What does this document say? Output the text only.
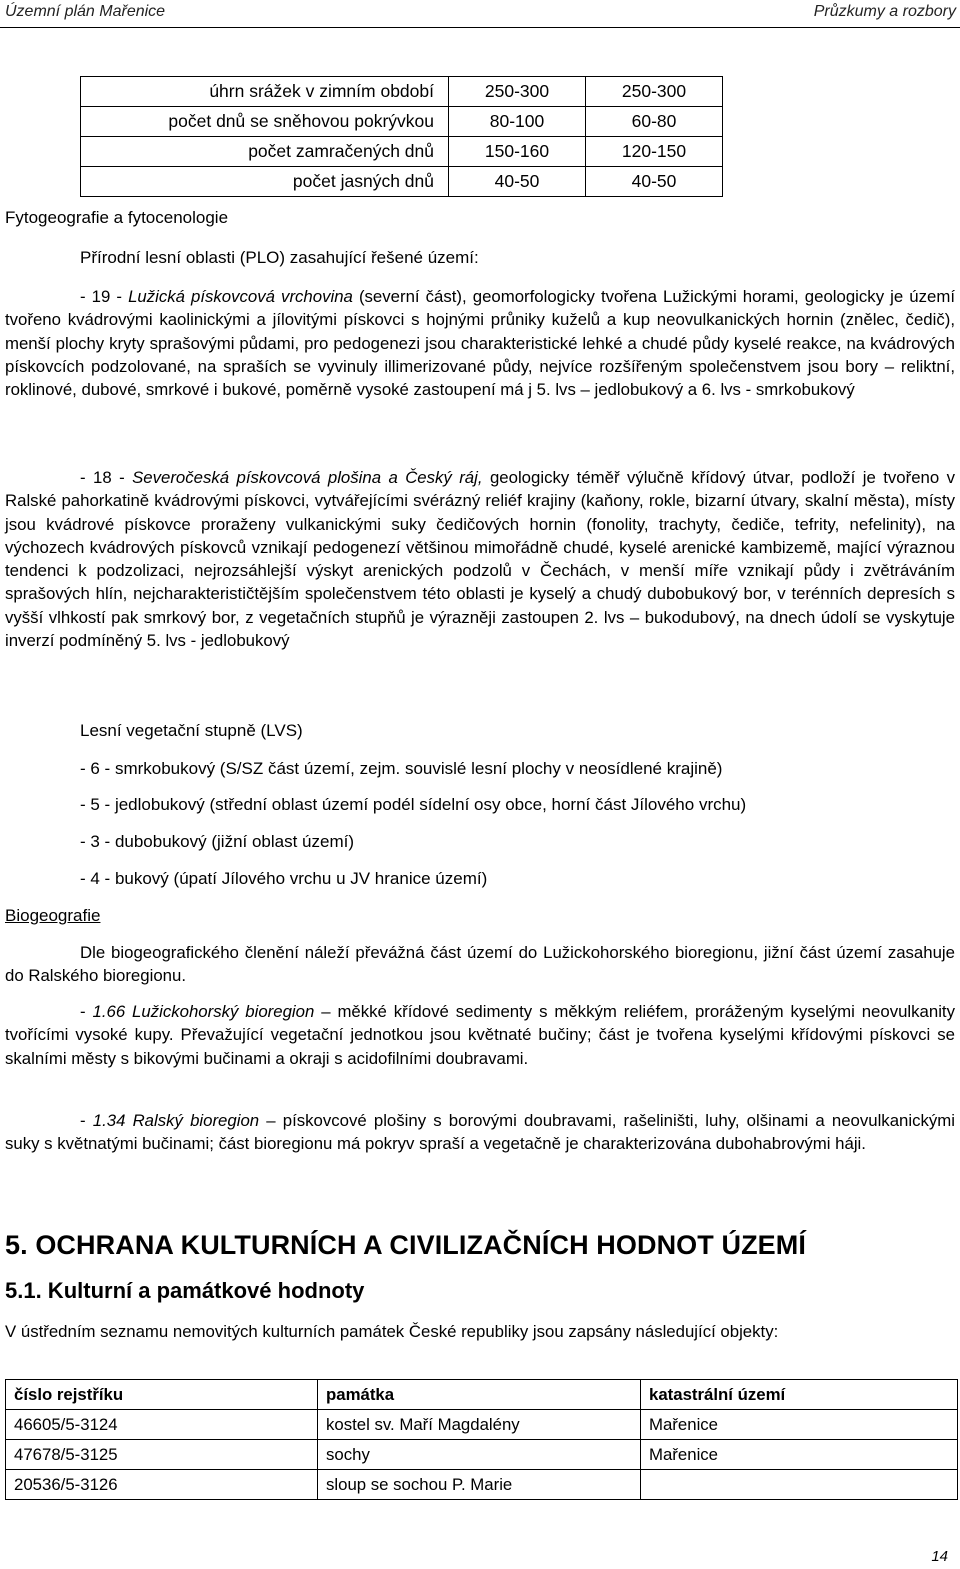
Územní plán Mařenice	Průzkumy a rozbory
úhrn srážek v zimním období	250-300	250-300
počet dnů se sněhovou pokrývkou	80-100	60-80
počet zamračených dnů	150-160	120-150
počet jasných dnů	40-50	40-50
Fytogeografie a fytocenologie
Přírodní lesní oblasti (PLO) zasahující řešené území:
- 19 - Lužická pískovcová vrchovina (severní část), geomorfologicky tvořena Lužickými horami, geologicky je území tvořeno kvádrovými kaolinickými a jílovitými pískovci s hojnými průniky kuželů a kup neovulkanických hornin (znělec, čedič), menší plochy kryty sprašovými půdami, pro pedogenezi jsou charakteristické lehké a chudé půdy kyselé reakce, na kvádrových pískovcích podzolované, na spraších se vyvinuly illimerizované půdy, nejvíce rozšířeným společenstvem jsou bory – reliktní, roklinové, dubové, smrkové i bukové, poměrně vysoké zastoupení má j 5. lvs – jedlobukový a 6. lvs - smrkobukový
- 18 - Severočeská pískovcová plošina a Český ráj, geologicky téměř výlučně křídový útvar, podloží je tvořeno v Ralské pahorkatině kvádrovými pískovci, vytvářejícími svérázný reliéf krajiny (kaňony, rokle, bizarní útvary, skalní města), místy jsou kvádrové pískovce proraženy vulkanickými suky čedičových hornin (fonolity, trachyty, čediče, tefrity, nefelinity), na výchozech kvádrových pískovců vznikají pedogenezí většinou mimořádně chudé, kyselé arenické kambizemě, mající výraznou tendenci k podzolizaci, nejrozsáhlejší výskyt arenických podzolů v Čechách, v menší míře vznikají půdy i zvětráváním sprašových hlín, nejcharakterističtějším společenstvem této oblasti je kyselý a chudý dubobukový bor, v terénních depresích s vyšší vlhkostí pak smrkový bor, z vegetačních stupňů je výrazněji zastoupen 2. lvs – bukodubový, na dnech údolí se vyskytuje inverzí podmíněný 5. lvs - jedlobukový
Lesní vegetační stupně (LVS)
- 6 - smrkobukový (S/SZ část území, zejm. souvislé lesní plochy v neosídlené krajině)
- 5 - jedlobukový (střední oblast území podél sídelní osy obce, horní část Jílového vrchu)
- 3 - dubobukový (jižní oblast území)
- 4 - bukový (úpatí Jílového vrchu u JV hranice území)
Biogeografie
Dle biogeografického členění náleží převážná část území do Lužickohorského bioregionu, jižní část území zasahuje do Ralského bioregionu.
- 1.66 Lužickohorský bioregion – měkké křídové sedimenty s měkkým reliéfem, proráženým kyselými neovulkanity tvořícími vysoké kupy. Převažující vegetační jednotkou jsou květnaté bučiny; část je tvořena kyselými křídovými pískovci se skalními městy s bikovými bučinami a okraji s acidofilními doubravami.
- 1.34 Ralský bioregion – pískovcové plošiny s borovými doubravami, rašeliništi, luhy, olšinami a neovulkanickými suky s květnatými bučinami; část bioregionu má pokryv spraší a vegetačně je charakterizována dubohabrovými háji.
5. OCHRANA KULTURNÍCH A CIVILIZAČNÍCH HODNOT ÚZEMÍ
5.1. Kulturní a památkové hodnoty
V ústředním seznamu nemovitých kulturních památek České republiky jsou zapsány následující objekty:
číslo rejstříku	památka	katastrální území
46605/5-3124	kostel sv. Maří Magdalény	Mařenice
47678/5-3125	sochy	Mařenice
20536/5-3126	sloup se sochou P. Marie	
14
